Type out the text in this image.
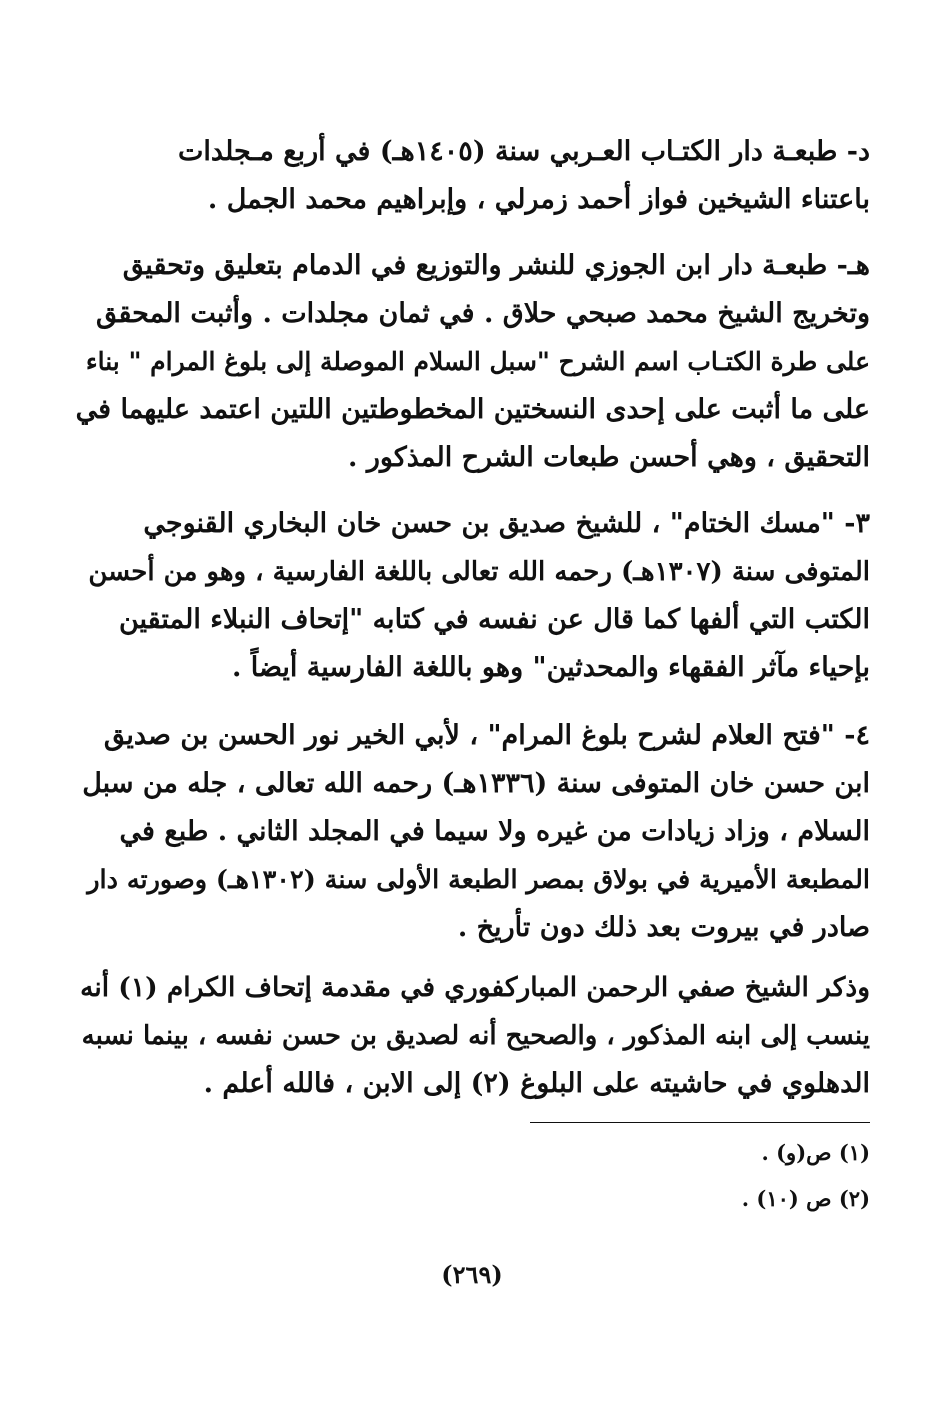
د- طبعـة دار الكتـاب العـربي سنة (١٤٠٥هـ) في أربع مـجلدات
باعتناء الشيخين فواز أحمد زمرلي ، وإبراهيم محمد الجمل .
هـ- طبعـة دار ابن الجوزي للنشر والتوزيع في الدمام بتعليق وتحقيق
وتخريج الشيخ محمد صبحي حلاق . في ثمان مجلدات . وأثبت المحقق
على طرة الكتـاب اسم الشرح "سبل السلام الموصلة إلى بلوغ المرام " بناء
على ما أثبت على إحدى النسختين المخطوطتين اللتين اعتمد عليهما في
التحقيق ، وهي أحسن طبعات الشرح المذكور .
٣- "مسك الختام" ، للشيخ صديق بن حسن خان البخاري القنوجي
المتوفى سنة (١٣٠٧هـ) رحمه الله تعالى باللغة الفارسية ، وهو من أحسن
الكتب التي ألفها كما قال عن نفسه في كتابه "إتحاف النبلاء المتقين
بإحياء مآثر الفقهاء والمحدثين" وهو باللغة الفارسية أيضاً .
٤- "فتح العلام لشرح بلوغ المرام" ، لأبي الخير نور الحسن بن صديق
ابن حسن خان المتوفى سنة (١٣٣٦هـ) رحمه الله تعالى ، جله من سبل
السلام ، وزاد زيادات من غيره ولا سيما في المجلد الثاني . طبع في
المطبعة الأميرية في بولاق بمصر الطبعة الأولى سنة (١٣٠٢هـ) وصورته دار
صادر في بيروت بعد ذلك دون تأريخ .
وذكر الشيخ صفي الرحمن المباركفوري في مقدمة إتحاف الكرام (١) أنه
ينسب إلى ابنه المذكور ، والصحيح أنه لصديق بن حسن نفسه ، بينما نسبه
الدهلوي في حاشيته على البلوغ (٢) إلى الابن ، فالله أعلم .
(١) ص(و) .
(٢) ص (١٠) .
(٢٦٩)
